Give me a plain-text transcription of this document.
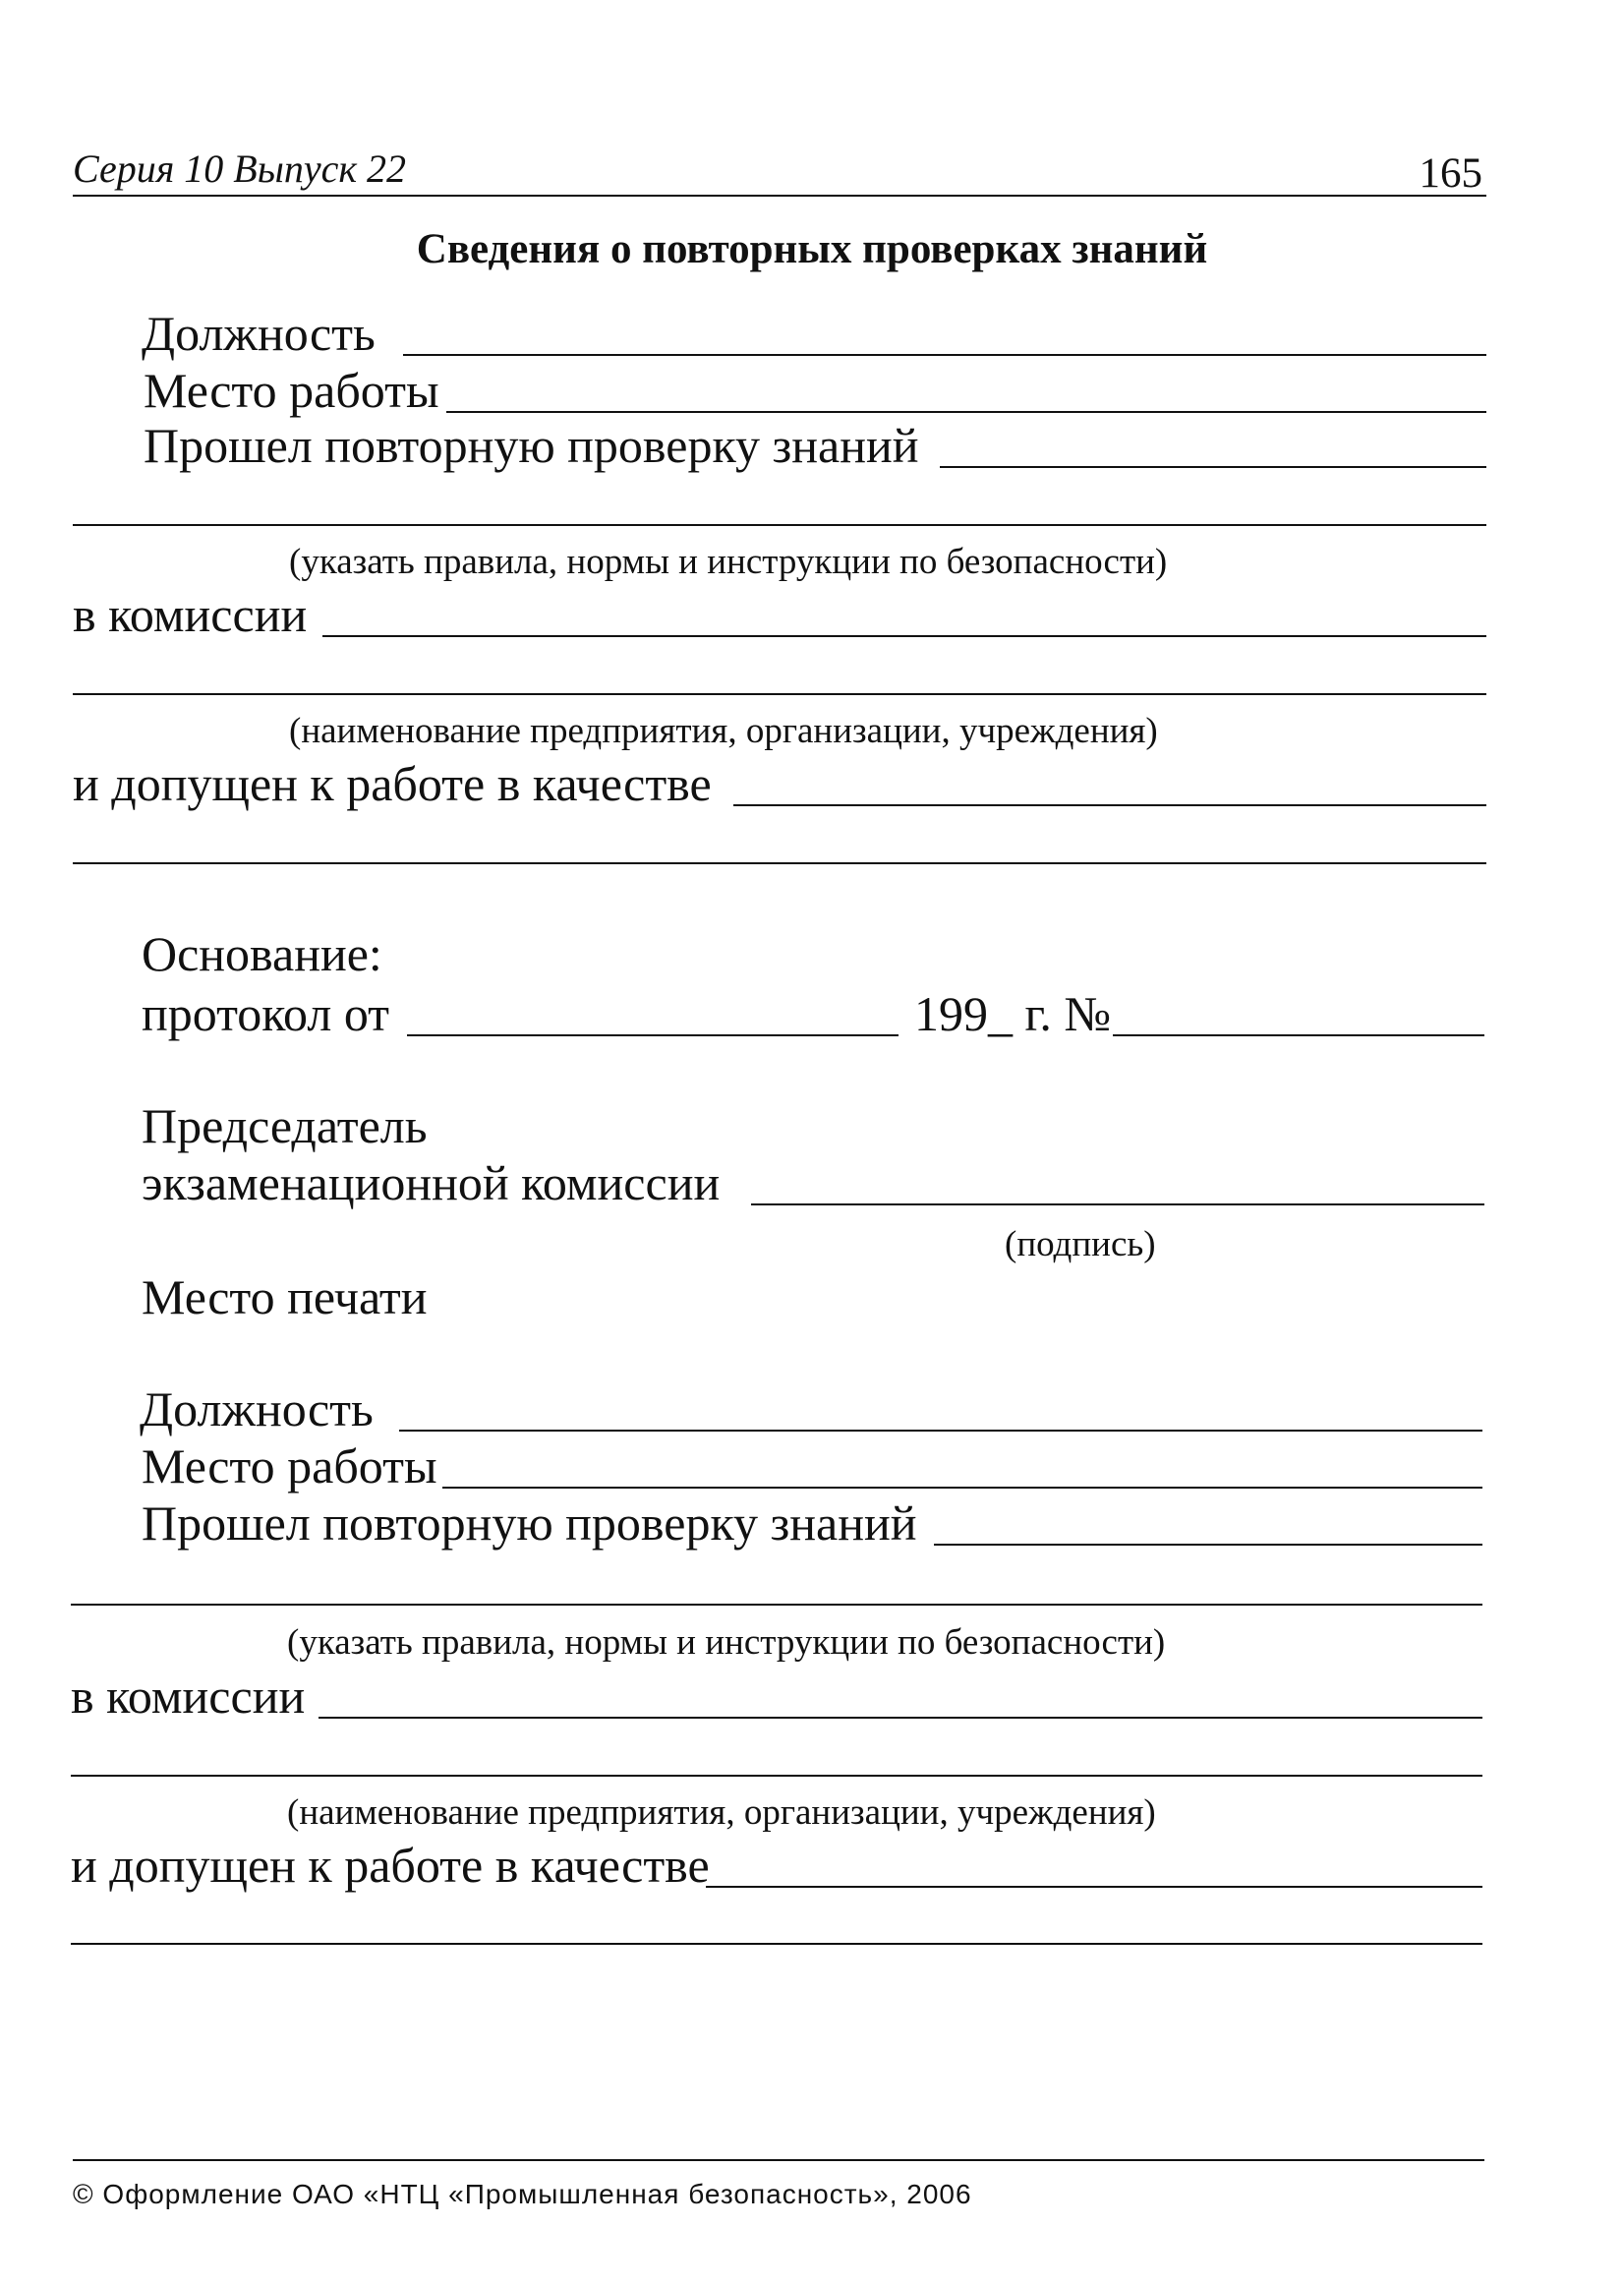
Серия 10 Выпуск 22	165
Сведения о повторных проверках знаний
Должность
Место работы
Прошел повторную проверку знаний
(указать правила, нормы и инструкции по безопасности)
в комиссии
(наименование предприятия, организации, учреждения)
и допущен к работе в качестве
Основание:
протокол от	199_ г. №
Председатель
экзаменационной комиссии
(подпись)
Место печати
Должность
Место работы
Прошел повторную проверку знаний
(указать правила, нормы и инструкции по безопасности)
в комиссии
(наименование предприятия, организации, учреждения)
и допущен к работе в качестве
© Оформление ОАО «НТЦ «Промышленная безопасность», 2006
